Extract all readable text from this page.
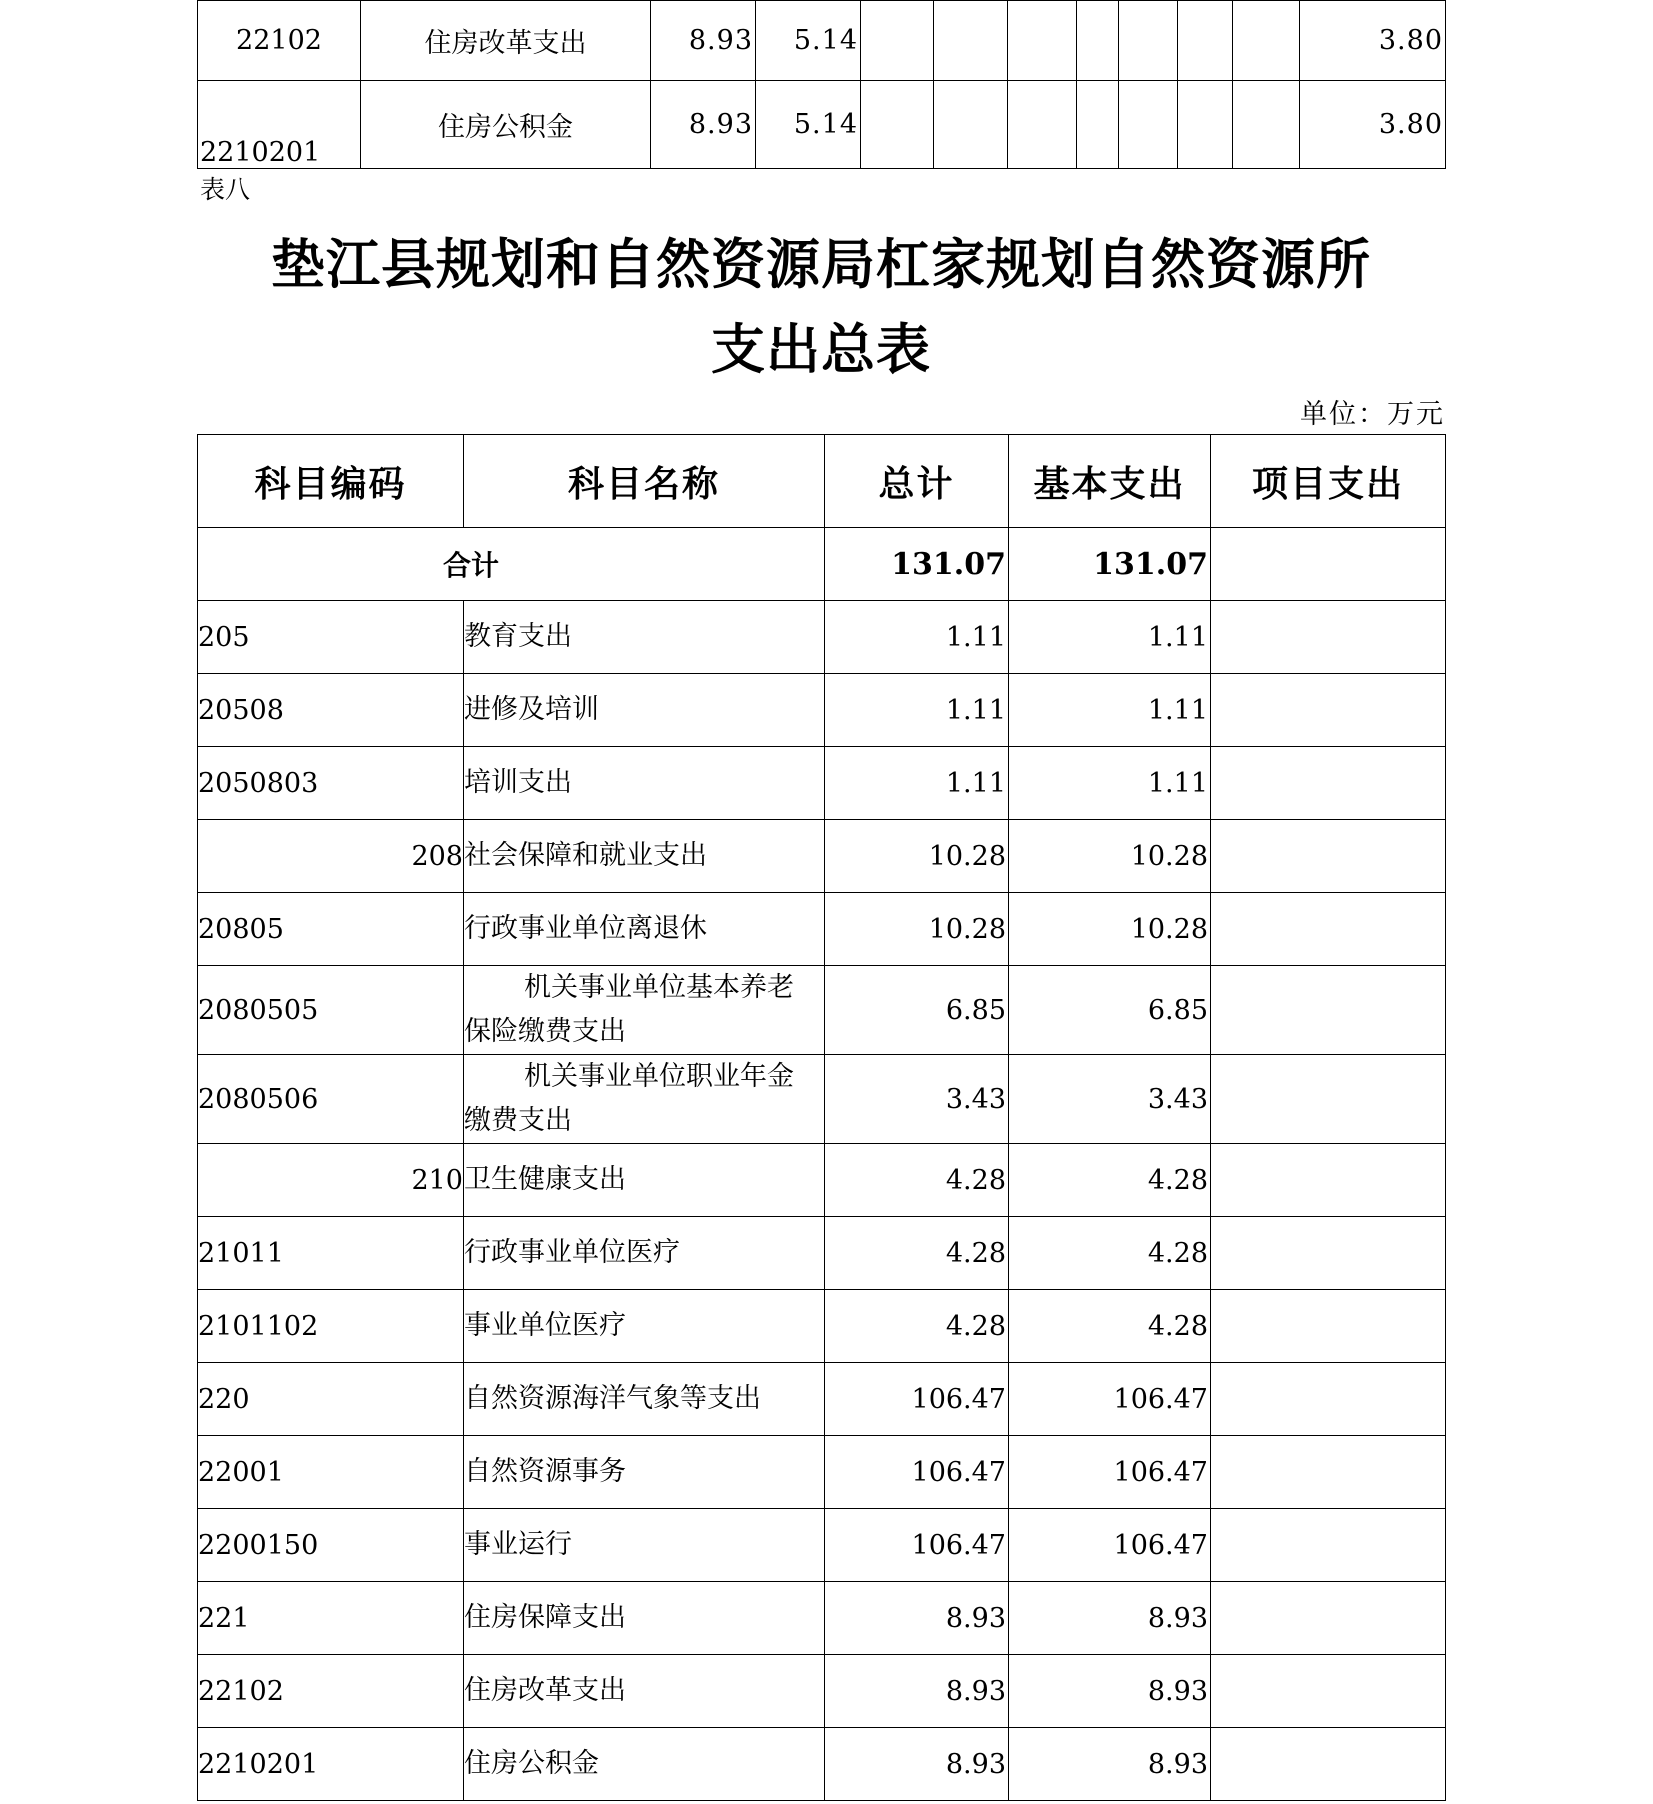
22102	住房改革支出	8.93	5.14								3.80
2210201	住房公积金	8.93	5.14								3.80
表八
垫江县规划和自然资源局杠家规划自然资源所
支出总表
单位：万元
科目编码	科目名称	总计	基本支出	项目支出
合计		131.07	131.07	
205	教育支出	1.11	1.11	
20508	进修及培训	1.11	1.11	
2050803	培训支出	1.11	1.11	
208	社会保障和就业支出	10.28	10.28	
20805	行政事业单位离退休	10.28	10.28	
2080505	机关事业单位基本养老保险缴费支出	6.85	6.85	
2080506	机关事业单位职业年金缴费支出	3.43	3.43	
210	卫生健康支出	4.28	4.28	
21011	行政事业单位医疗	4.28	4.28	
2101102	事业单位医疗	4.28	4.28	
220	自然资源海洋气象等支出	106.47	106.47	
22001	自然资源事务	106.47	106.47	
2200150	事业运行	106.47	106.47	
221	住房保障支出	8.93	8.93	
22102	住房改革支出	8.93	8.93	
2210201	住房公积金	8.93	8.93	
